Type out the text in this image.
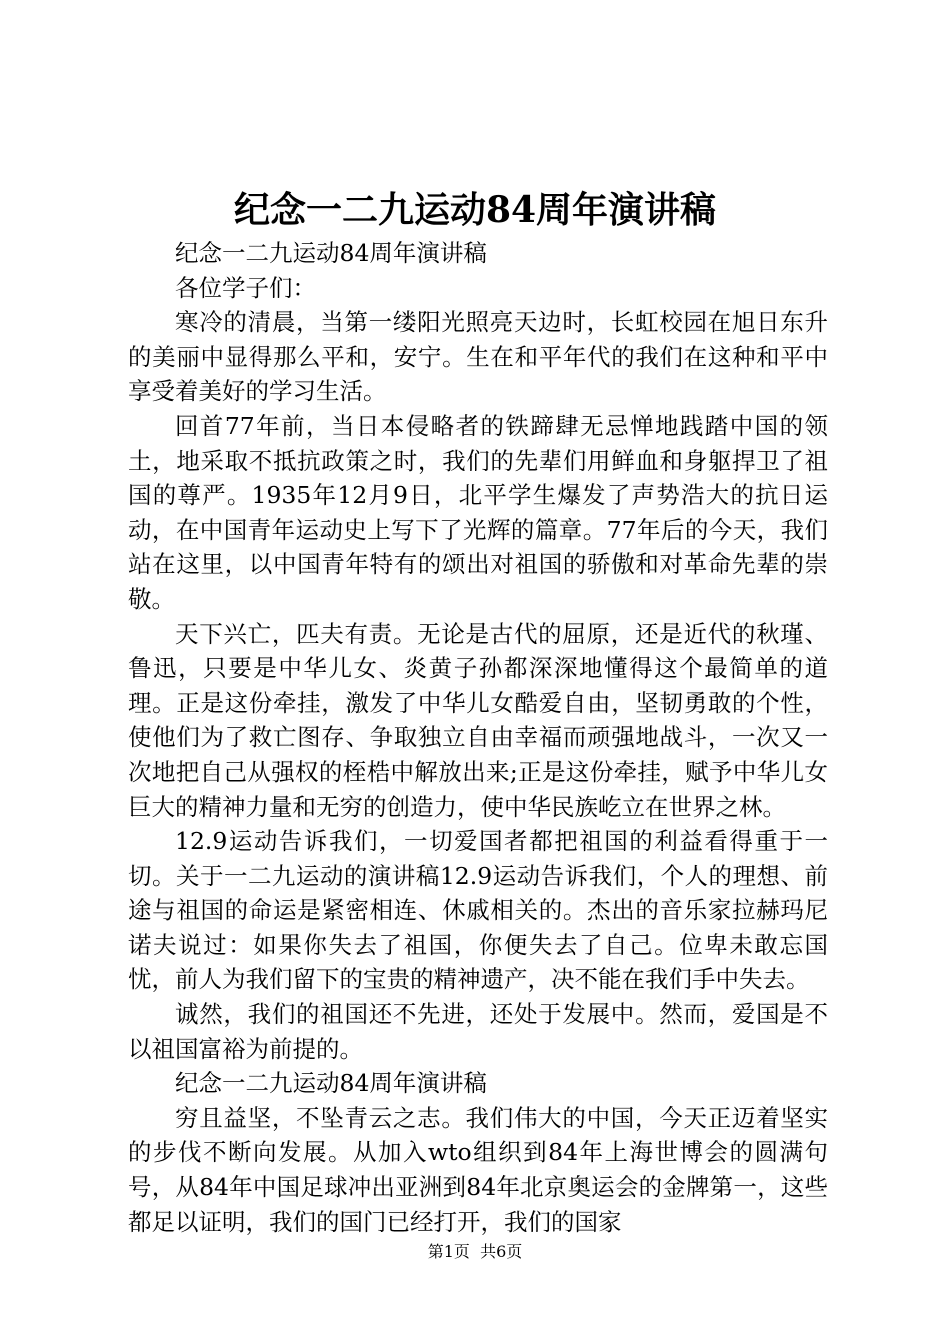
纪念一二九运动84周年演讲稿

纪念一二九运动84周年演讲稿

各位学子们：

寒冷的清晨，当第一缕阳光照亮天边时，长虹校园在旭日东升的美丽中显得那么平和，安宁。生在和平年代的我们在这种和平中享受着美好的学习生活。

回首77年前，当日本侵略者的铁蹄肆无忌惮地践踏中国的领土，地采取不抵抗政策之时，我们的先辈们用鲜血和身躯捍卫了祖国的尊严。1935年12月9日，北平学生爆发了声势浩大的抗日运动，在中国青年运动史上写下了光辉的篇章。77年后的今天，我们站在这里，以中国青年特有的颂出对祖国的骄傲和对革命先辈的崇敬。

天下兴亡，匹夫有责。无论是古代的屈原，还是近代的秋瑾、鲁迅，只要是中华儿女、炎黄子孙都深深地懂得这个最简单的道理。正是这份牵挂，激发了中华儿女酷爱自由，坚韧勇敢的个性，使他们为了救亡图存、争取独立自由幸福而顽强地战斗，一次又一次地把自己从强权的桎梏中解放出来;正是这份牵挂，赋予中华儿女巨大的精神力量和无穷的创造力，使中华民族屹立在世界之林。

12.9运动告诉我们，一切爱国者都把祖国的利益看得重于一切。关于一二九运动的演讲稿12.9运动告诉我们，个人的理想、前途与祖国的命运是紧密相连、休戚相关的。杰出的音乐家拉赫玛尼诺夫说过：如果你失去了祖国，你便失去了自己。位卑未敢忘国忧，前人为我们留下的宝贵的精神遗产，决不能在我们手中失去。

诚然，我们的祖国还不先进，还处于发展中。然而，爱国是不以祖国富裕为前提的。

纪念一二九运动84周年演讲稿

穷且益坚，不坠青云之志。我们伟大的中国，今天正迈着坚实的步伐不断向发展。从加入wto组织到84年上海世博会的圆满句号，从84年中国足球冲出亚洲到84年北京奥运会的金牌第一，这些都足以证明，我们的国门已经打开，我们的国家

第1页 共6页
